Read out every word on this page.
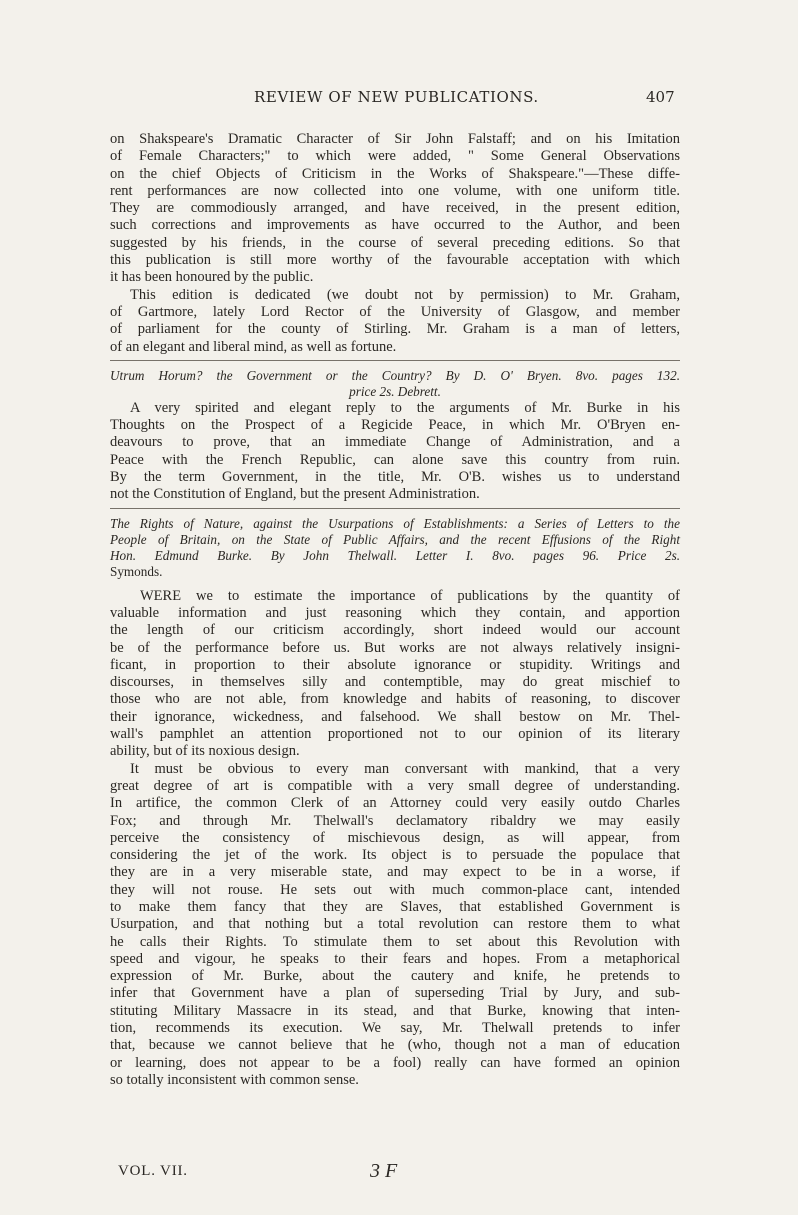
REVIEW OF NEW PUBLICATIONS.	407
on Shakspeare's Dramatic Character of Sir John Falstaff; and on his Imitation
of Female Characters;" to which were added, " Some General Observations
on the chief Objects of Criticism in the Works of Shakspeare."—These diffe-
rent performances are now collected into one volume, with one uniform title.
They are commodiously arranged, and have received, in the present edition,
such corrections and improvements as have occurred to the Author, and been
suggested by his friends, in the course of several preceding editions. So that
this publication is still more worthy of the favourable acceptation with which
it has been honoured by the public.
This edition is dedicated (we doubt not by permission) to Mr. Graham,
of Gartmore, lately Lord Rector of the University of Glasgow, and member
of parliament for the county of Stirling. Mr. Graham is a man of letters,
of an elegant and liberal mind, as well as fortune.
Utrum Horum? the Government or the Country? By D. O' Bryen. 8vo. pages 132.
price 2s. Debrett.
A very spirited and elegant reply to the arguments of Mr. Burke in his
Thoughts on the Prospect of a Regicide Peace, in which Mr. O'Bryen en-
deavours to prove, that an immediate Change of Administration, and a
Peace with the French Republic, can alone save this country from ruin.
By the term Government, in the title, Mr. O'B. wishes us to understand
not the Constitution of England, but the present Administration.
The Rights of Nature, against the Usurpations of Establishments: a Series of Letters to the
People of Britain, on the State of Public Affairs, and the recent Effusions of the Right
Hon. Edmund Burke. By John Thelwall. Letter I. 8vo. pages 96. Price 2s.
Symonds.
WERE we to estimate the importance of publications by the quantity of
valuable information and just reasoning which they contain, and apportion
the length of our criticism accordingly, short indeed would our account
be of the performance before us. But works are not always relatively insigni-
ficant, in proportion to their absolute ignorance or stupidity. Writings and
discourses, in themselves silly and contemptible, may do great mischief to
those who are not able, from knowledge and habits of reasoning, to discover
their ignorance, wickedness, and falsehood. We shall bestow on Mr. Thel-
wall's pamphlet an attention proportioned not to our opinion of its literary
ability, but of its noxious design.
It must be obvious to every man conversant with mankind, that a very
great degree of art is compatible with a very small degree of understanding.
In artifice, the common Clerk of an Attorney could very easily outdo Charles
Fox; and through Mr. Thelwall's declamatory ribaldry we may easily
perceive the consistency of mischievous design, as will appear, from
considering the jet of the work. Its object is to persuade the populace that
they are in a very miserable state, and may expect to be in a worse, if
they will not rouse. He sets out with much common-place cant, intended
to make them fancy that they are Slaves, that established Government is
Usurpation, and that nothing but a total revolution can restore them to what
he calls their Rights. To stimulate them to set about this Revolution with
speed and vigour, he speaks to their fears and hopes. From a metaphorical
expression of Mr. Burke, about the cautery and knife, he pretends to
infer that Government have a plan of superseding Trial by Jury, and sub-
stituting Military Massacre in its stead, and that Burke, knowing that inten-
tion, recommends its execution. We say, Mr. Thelwall pretends to infer
that, because we cannot believe that he (who, though not a man of education
or learning, does not appear to be a fool) really can have formed an opinion
so totally inconsistent with common sense.
VOL. VII.	3 F
